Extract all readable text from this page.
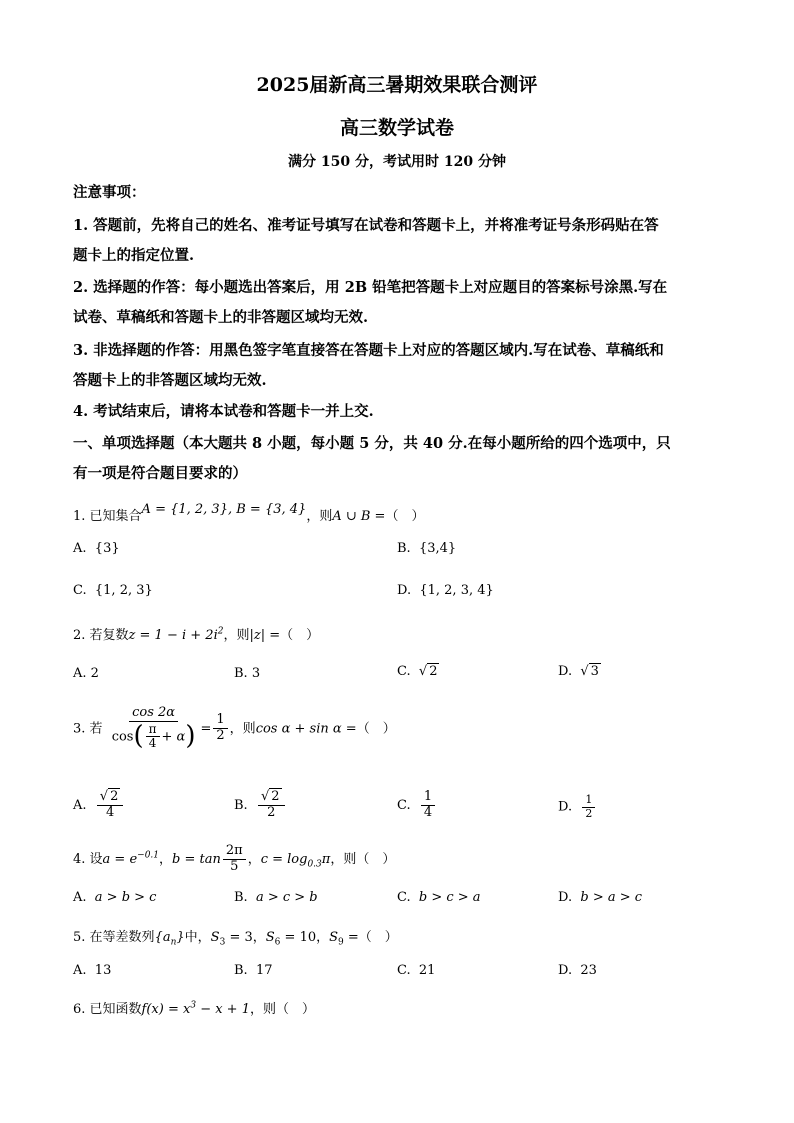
2025届新高三暑期效果联合测评
高三数学试卷
满分 150 分，考试用时 120 分钟
注意事项：
1. 答题前，先将自己的姓名、准考证号填写在试卷和答题卡上，并将准考证号条形码贴在答
题卡上的指定位置.
2. 选择题的作答：每小题选出答案后，用 2B 铅笔把答题卡上对应题目的答案标号涂黑.写在
试卷、草稿纸和答题卡上的非答题区域均无效.
3. 非选择题的作答：用黑色签字笔直接答在答题卡上对应的答题区域内.写在试卷、草稿纸和
答题卡上的非答题区域均无效.
4. 考试结束后，请将本试卷和答题卡一并上交.
一、单项选择题（本大题共 8 小题，每小题 5 分，共 40 分.在每小题所给的四个选项中，只
有一项是符合题目要求的）
1. 已知集合A = {1, 2, 3}, B = {3, 4}，则A ∪ B =（　）
A. {3}	B. {3,4}
C. {1, 2, 3}	D. {1, 2, 3, 4}
2. 若复数$z = 1 - i + 2i^2$，则|z| =（　）
A. 2	B. 3	C. √ 2	D. √ 3
3. 若 $\frac{\cos 2\alpha}{\cos( \frac{\pi}{4} + \alpha)} = \frac{1}{2}$ ，则cos α + sin α =（　）
A. $\frac{√ 2}{4}$	B. $\frac{√ 2}{2}$	C. $\frac{1}{4}$	D. $\frac{1}{2}$
4. 设$a = e^{-0.1}$，$b = \tan \frac{2\pi}{5}$ ，$c = \log_{0.3}\pi$，则（　）
A. a > b > c	B. a > c > b	C. b > c > a	D. b > a > c
5. 在等差数列$\{a_n\}$中，$S_3 = 3$，$S_6 = 10$，$S_9$ =（　）
A. 13	B. 17	C. 21	D. 23
6. 已知函数$f(x) = x^3 - x + 1$，则（　）
